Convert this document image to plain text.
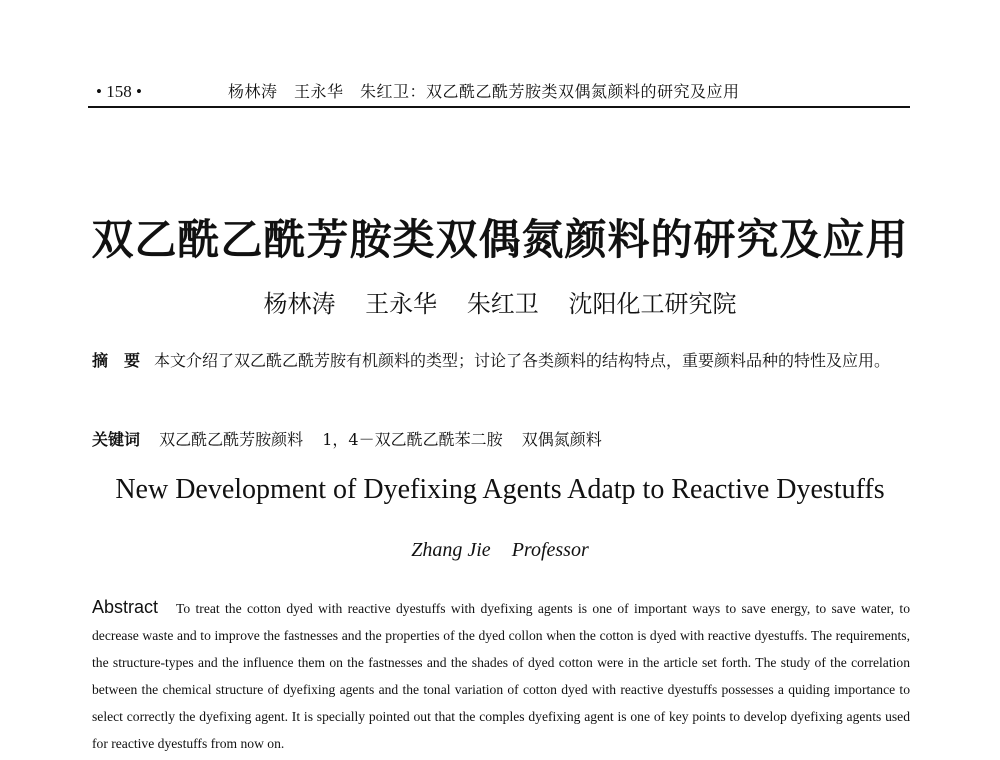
• 158 •	杨林涛　王永华　朱红卫：双乙酰乙酰芳胺类双偶氮颜料的研究及应用
双乙酰乙酰芳胺类双偶氮颜料的研究及应用
杨林涛 王永华 朱红卫 沈阳化工研究院
摘　要 本文介绍了双乙酰乙酰芳胺有机颜料的类型；讨论了各类颜料的结构特点，重要颜料品种的特性及应用。
关键词 双乙酰乙酰芳胺颜料 1，4－双乙酰乙酰苯二胺 双偶氮颜料
New Development of Dyefixing Agents Adatp to Reactive Dyestuffs
Zhang Jie Professor
Abstract To treat the cotton dyed with reactive dyestuffs with dyefixing agents is one of important ways to save energy, to save water, to decrease waste and to improve the fastnesses and the properties of the dyed collon when the cotton is dyed with reactive dyestuffs. The requirements, the structure-types and the influence them on the fastnesses and the shades of dyed cotton were in the article set forth. The study of the correlation between the chemical structure of dyefixing agents and the tonal variation of cotton dyed with reactive dyestuffs possesses a quiding importance to select correctly the dyefixing agent. It is specially pointed out that the comples dyefixing agent is one of key points to develop dyefixing agents used for reactive dyestuffs from now on.
